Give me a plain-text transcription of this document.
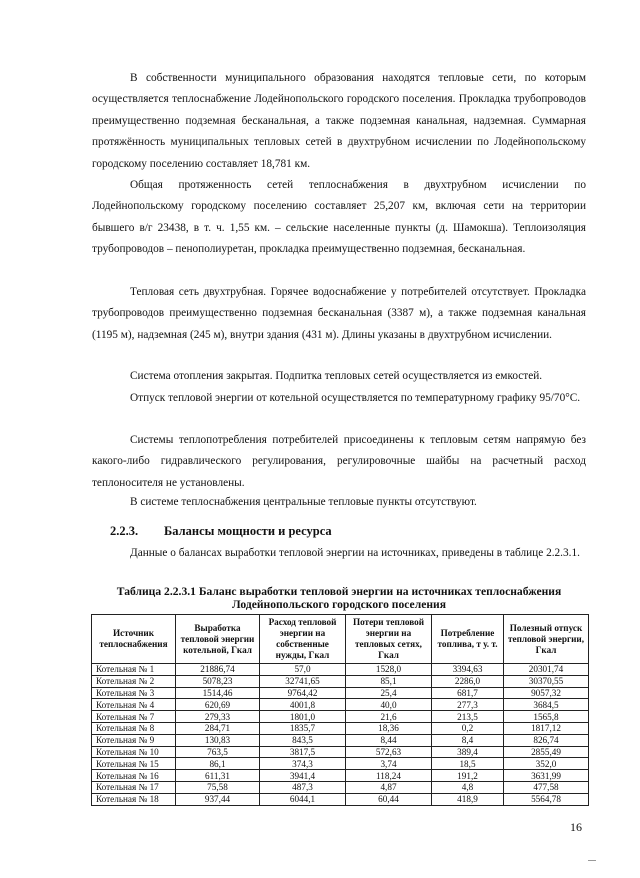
В собственности муниципального образования находятся тепловые сети, по которым осуществляется теплоснабжение Лодейнопольского городского поселения. Прокладка трубопроводов преимущественно подземная бесканальная, а также подземная канальная, надземная. Суммарная протяжённость муниципальных тепловых сетей в двухтрубном исчислении по Лодейнопольскому городскому поселению составляет 18,781 км.

Общая протяженность сетей теплоснабжения в двухтрубном исчислении по Лодейнопольскому городскому поселению составляет 25,207 км, включая сети на территории бывшего в/г 23438, в т. ч. 1,55 км. – сельские населенные пункты (д. Шамокша). Теплоизоляция трубопроводов – пенополиуретан, прокладка преимущественно подземная, бесканальная.

Тепловая сеть двухтрубная. Горячее водоснабжение у потребителей отсутствует. Прокладка трубопроводов преимущественно подземная бесканальная (3387 м), а также подземная канальная (1195 м), надземная (245 м), внутри здания (431 м). Длины указаны в двухтрубном исчислении.

Система отопления закрытая. Подпитка тепловых сетей осуществляется из емкостей.

Отпуск тепловой энергии от котельной осуществляется по температурному графику 95/70°С.

Системы теплопотребления потребителей присоединены к тепловым сетям напрямую без какого-либо гидравлического регулирования, регулировочные шайбы на расчетный расход теплоносителя не установлены.

В системе теплоснабжения центральные тепловые пункты отсутствуют.

2.2.3. Балансы мощности и ресурса

Данные о балансах выработки тепловой энергии на источниках, приведены в таблице 2.2.3.1.

Таблица 2.2.3.1 Баланс выработки тепловой энергии на источниках теплоснабжения Лодейнопольского городского поселения

Источник теплоснабжения	Выработка тепловой энергии котельной, Гкал	Расход тепловой энергии на собственные нужды, Гкал	Потери тепловой энергии на тепловых сетях, Гкал	Потребление топлива, т у. т.	Полезный отпуск тепловой энергии, Гкал
Котельная № 1	21886,74	57,0	1528,0	3394,63	20301,74
Котельная № 2	5078,23	32741,65	85,1	2286,0	30370,55
Котельная № 3	1514,46	9764,42	25,4	681,7	9057,32
Котельная № 4	620,69	4001,8	40,0	277,3	3684,5
Котельная № 7	279,33	1801,0	21,6	213,5	1565,8
Котельная № 8	284,71	1835,7	18,36	0,2	1817,12
Котельная № 9	130,83	843,5	8,44	8,4	826,74
Котельная № 10	763,5	3817,5	572,63	389,4	2855,49
Котельная № 15	86,1	374,3	3,74	18,5	352,0
Котельная № 16	611,31	3941,4	118,24	191,2	3631,99
Котельная № 17	75,58	487,3	4,87	4,8	477,58
Котельная № 18	937,44	6044,1	60,44	418,9	5564,78
16
